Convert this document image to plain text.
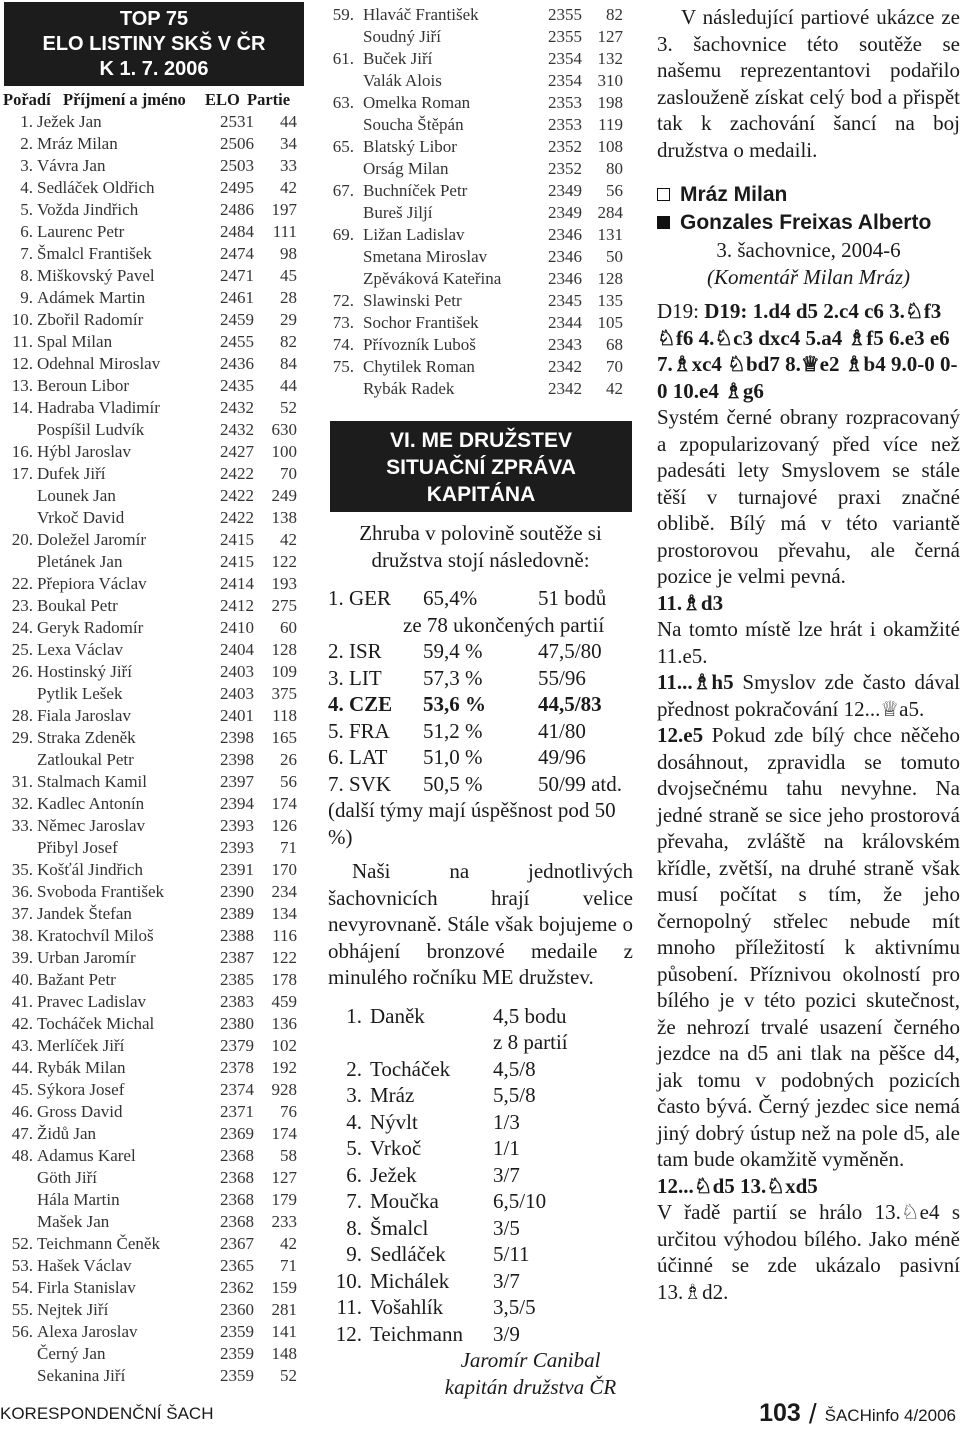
TOP 75
ELO LISTINY SKŠ V ČR
K 1. 7. 2006
Pořadí Příjmení a jméno ELO Partie
1. Ježek Jan	2531	44
2. Mráz Milan	2506	34
3. Vávra Jan	2503	33
4. Sedláček Oldřich	2495	42
5. Vožda Jindřich	2486	197
6. Laurenc Petr	2484	111
7. Šmalcl František	2474	98
8. Miškovský Pavel	2471	45
9. Adámek Martin	2461	28
10. Zbořil Radomír	2459	29
11. Spal Milan	2455	82
12. Odehnal Miroslav	2436	84
13. Beroun Libor	2435	44
14. Hadraba Vladimír	2432	52
Pospíšil Ludvík	2432	630
16. Hýbl Jaroslav	2427	100
17. Dufek Jiří	2422	70
Lounek Jan	2422	249
Vrkoč David	2422	138
20. Doležel Jaromír	2415	42
Pletánek Jan	2415	122
22. Přepiora Václav	2414	193
23. Boukal Petr	2412	275
24. Geryk Radomír	2410	60
25. Lexa Václav	2404	128
26. Hostinský Jiří	2403	109
Pytlik Lešek	2403	375
28. Fiala Jaroslav	2401	118
29. Straka Zdeněk	2398	165
Zatloukal Petr	2398	26
31. Stalmach Kamil	2397	56
32. Kadlec Antonín	2394	174
33. Němec Jaroslav	2393	126
Přibyl Josef	2393	71
35. Košťál Jindřich	2391	170
36. Svoboda František	2390	234
37. Jandek Štefan	2389	134
38. Kratochvíl Miloš	2388	116
39. Urban Jaromír	2387	122
40. Bažant Petr	2385	178
41. Pravec Ladislav	2383	459
42. Tocháček Michal	2380	136
43. Merlíček Jiří	2379	102
44. Rybák Milan	2378	192
45. Sýkora Josef	2374	928
46. Gross David	2371	76
47. Židů Jan	2369	174
48. Adamus Karel	2368	58
Göth Jiří	2368	127
Hála Martin	2368	179
Mašek Jan	2368	233
52. Teichmann Čeněk	2367	42
53. Hašek Václav	2365	71
54. Firla Stanislav	2362	159
55. Nejtek Jiří	2360	281
56. Alexa Jaroslav	2359	141
Černý Jan	2359	148
Sekanina Jiří	2359	52
59. Hlaváč František	2355	82
Soudný Jiří	2355 127
61. Buček Jiří	2354 132
Valák Alois	2354 310
63. Omelka Roman	2353 198
Soucha Štěpán	2353 119
65. Blatský Libor	2352 108
Orság Milan	2352	80
67. Buchníček Petr	2349	56
Bureš Jiljí	2349 284
69. Ližan Ladislav	2346 131
Smetana Miroslav	2346	50
Zpěváková Kateřina	2346 128
72. Slawinski Petr	2345 135
73. Sochor František	2344 105
74. Přívozník Luboš	2343	68
75. Chytilek Roman	2342	70
Rybák Radek	2342	42
VI. ME DRUŽSTEV
SITUAČNÍ ZPRÁVA
KAPITÁNA
Zhruba v polovině soutěže si družstva stojí následovně:
1. GER 65,4%	51 bodů
ze 78 ukončených partií
2. ISR 59,4 %	47,5/80
3. LIT 57,3 %	55/96
4. CZE 53,6 % 44,5/83
5. FRA 51,2 %	41/80
6. LAT 51,0 %	49/96
7. SVK 50,5 %	50/99 atd.
(další týmy mají úspěšnost pod 50 %)
Naši na jednotlivých šachovnicích hrají velice nevyrovnaně. Stále však bojujeme o obhájení bronzové medaile z minulého ročníku ME družstev.
1. Daněk	4,5 bodu
z 8 partií
2. Tocháček 4,5/8
3. Mráz	5,5/8
4. Nývlt	1/3
5. Vrkoč	1/1
6. Ježek	3/7
7. Moučka	6,5/10
8. Šmalcl	3/5
9. Sedláček 5/11
10. Michálek 3/7
11. Vošahlík 3,5/5
12. Teichmann 3/9
Jaromír Canibal
kapitán družstva ČR
V následující partiové ukázce ze 3. šachovnice této soutěže se našemu reprezentantovi podařilo zaslouženě získat celý bod a přispět tak k zachování šancí na boj družstva o medaili.
Mráz Milan
Gonzales Freixas Alberto
3. šachovnice, 2004-6
(Komentář Milan Mráz)
D19: D19: 1.d4 d5 2.c4 c6 3.♘f3 ♘f6 4.♘c3 dxc4 5.a4 ♗f5 6.e3 e6 7.♗xc4 ♘bd7 8.♕e2 ♗b4 9.0-0 0-0 10.e4 ♗g6
Systém černé obrany rozpracovaný a zpopularizovaný před více než padesáti lety Smyslovem se stále těší v turnajové praxi značné oblibě. Bílý má v této variantě prostorovou převahu, ale černá pozice je velmi pevná.
11.♗d3
Na tomto místě lze hrát i okamžité 11.e5.
11...♗h5 Smyslov zde často dával přednost pokračování 12...♕a5.
12.e5 Pokud zde bílý chce něčeho dosáhnout, zpravidla se tomuto dvojsečnému tahu nevyhne. Na jedné straně se sice jeho prostorová převaha, zvláště na královském křídle, zvětší, na druhé straně však musí počítat s tím, že jeho černopolný střelec nebude mít mnoho příležitostí k aktivnímu působení. Příznivou okolností pro bílého je v této pozici skutečnost, že nehrozí trvalé usazení černého jezdce na d5 ani tlak na pěšce d4, jak tomu v podobných pozicích často bývá. Černý jezdec sice nemá jiný dobrý ústup než na pole d5, ale tam bude okamžitě vyměněn.
12...♘d5 13.♘xd5
V řadě partií se hrálo 13.♘e4 s určitou výhodou bílého. Jako méně účinné se zde ukázalo pasivní 13.♗d2.
KORESPONDENČNÍ ŠACH	103 / ŠACHinfo 4/2006
